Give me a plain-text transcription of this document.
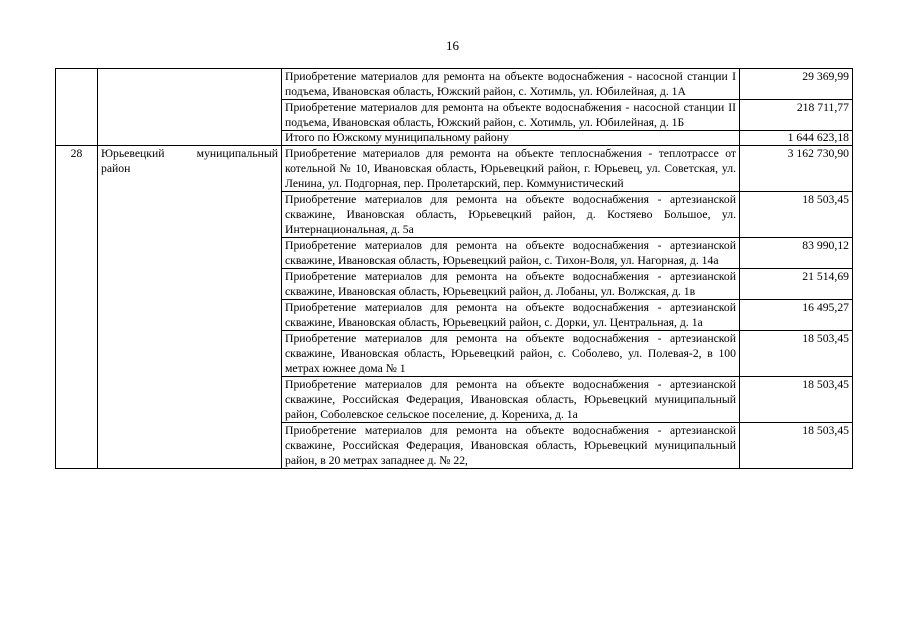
16

		Приобретение материалов для ремонта на объекте водоснабжения - насосной станции I подъема, Ивановская область, Южский район, с. Хотимль, ул. Юбилейная, д. 1А	29 369,99

		Приобретение материалов для ремонта на объекте водоснабжения - насосной станции II подъема, Ивановская область, Южский район, с. Хотимль, ул. Юбилейная, д. 1Б	218 711,77
		Итого по Южскому муниципальному району	1 644 623,18
28	Юрьевецкий муниципальный район	Приобретение материалов для ремонта на объекте теплоснабжения - теплотрассе от котельной № 10, Ивановская область, Юрьевецкий район, г. Юрьевец, ул. Советская, ул. Ленина, ул. Подгорная, пер. Пролетарский, пер. Коммунистический	3 162 730,90

		Приобретение материалов для ремонта на объекте водоснабжения - артезианской скважине, Ивановская область, Юрьевецкий район, д. Костяево Большое, ул. Интернациональная, д. 5а	18 503,45

		Приобретение материалов для ремонта на объекте водоснабжения - артезианской скважине, Ивановская область, Юрьевецкий район, с. Тихон-Воля, ул. Нагорная, д. 14а	83 990,12

		Приобретение материалов для ремонта на объекте водоснабжения - артезианской скважине, Ивановская область, Юрьевецкий район, д. Лобаны, ул. Волжская, д. 1в	21 514,69

		Приобретение материалов для ремонта на объекте водоснабжения - артезианской скважине, Ивановская область, Юрьевецкий район, с. Дорки, ул. Центральная, д. 1а	16 495,27

		Приобретение материалов для ремонта на объекте водоснабжения - артезианской скважине, Ивановская область, Юрьевецкий район, с. Соболево, ул. Полевая-2, в 100 метрах южнее дома № 1	18 503,45

		Приобретение материалов для ремонта на объекте водоснабжения - артезианской скважине, Российская Федерация, Ивановская область, Юрьевецкий муниципальный район, Соболевское сельское поселение, д. Корениха, д. 1а	18 503,45

		Приобретение материалов для ремонта на объекте водоснабжения - артезианской скважине, Российская Федерация, Ивановская область, Юрьевецкий муниципальный район, в 20 метрах западнее д. № 22,	18 503,45
